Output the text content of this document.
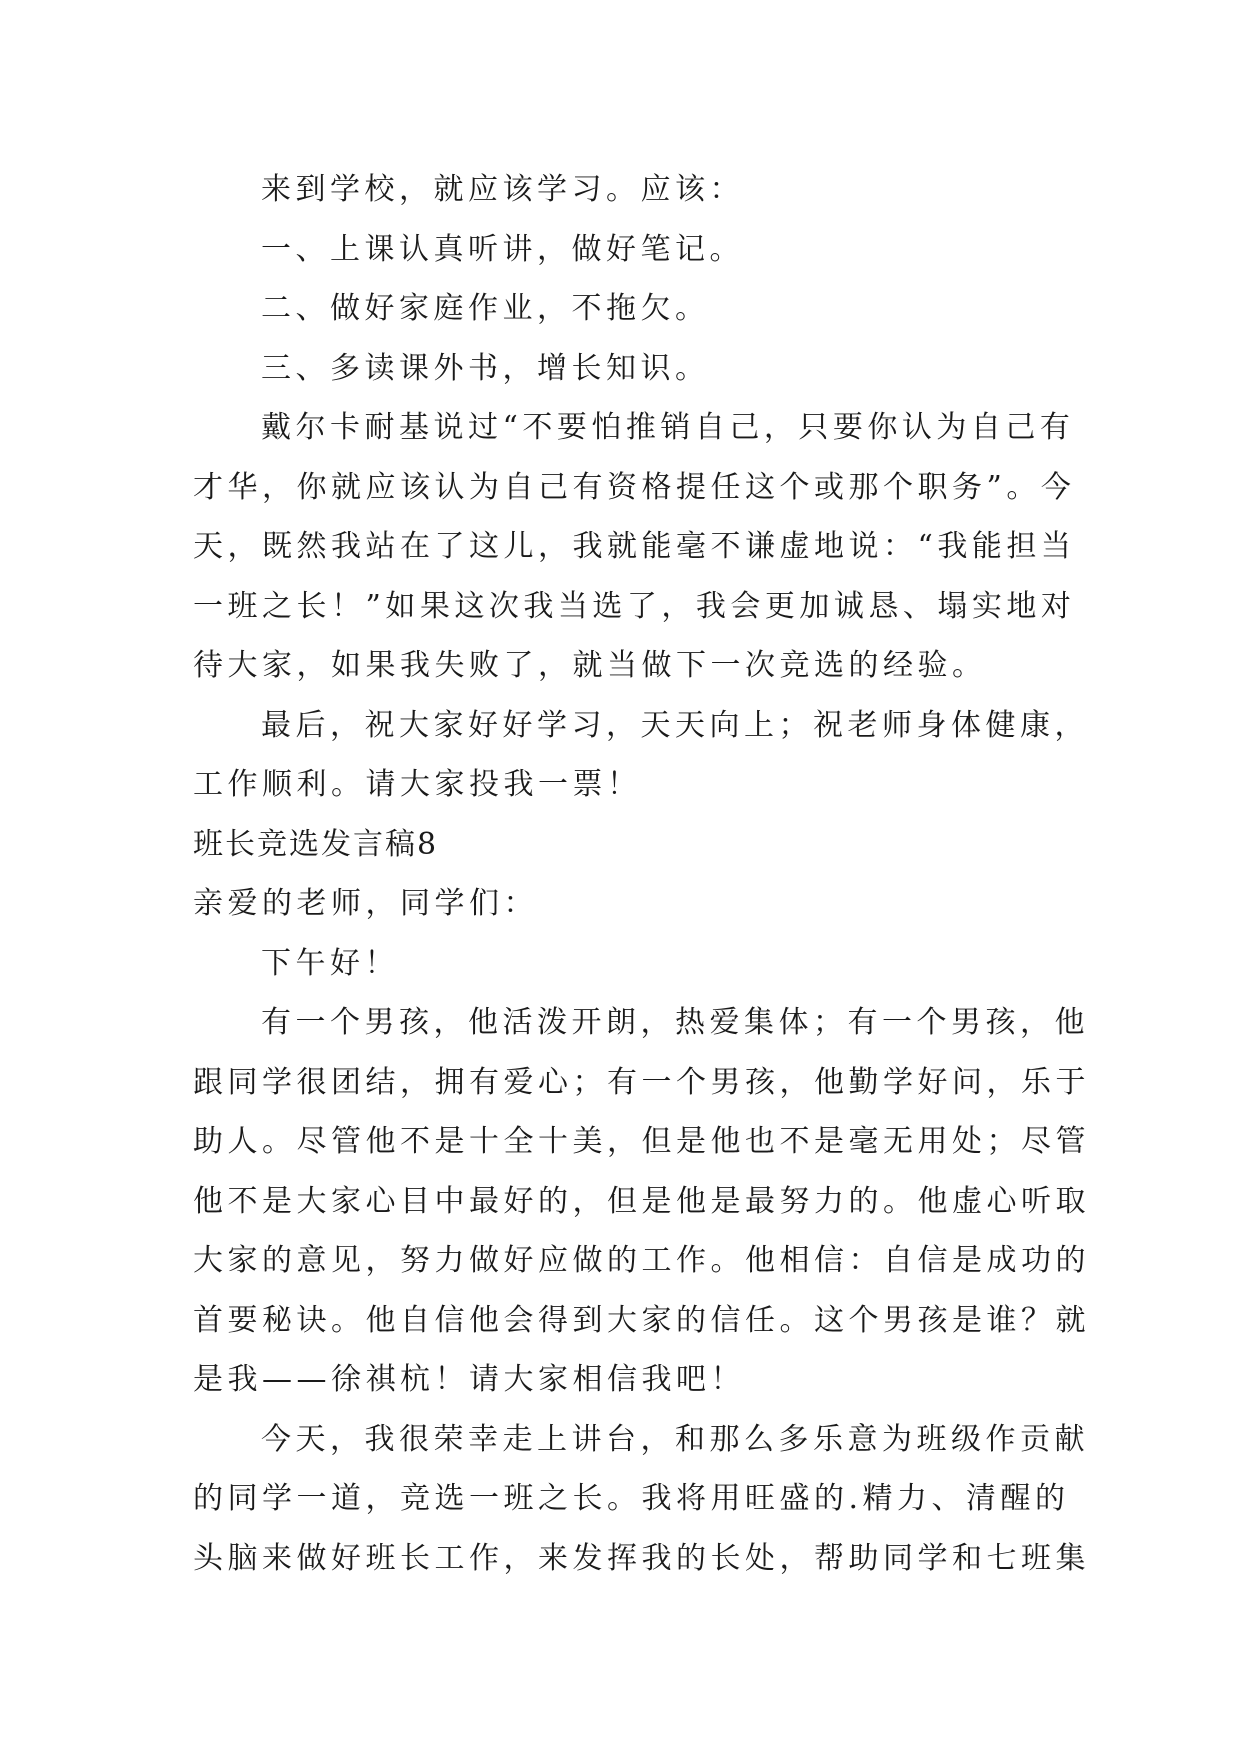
来到学校，就应该学习。应该：
一、上课认真听讲，做好笔记。
二、做好家庭作业，不拖欠。
三、多读课外书，增长知识。
戴尔卡耐基说过“不要怕推销自己，只要你认为自己有
才华，你就应该认为自己有资格提任这个或那个职务”。今
天，既然我站在了这儿，我就能毫不谦虚地说：“我能担当
一班之长！”如果这次我当选了，我会更加诚恳、塌实地对
待大家，如果我失败了，就当做下一次竞选的经验。
最后，祝大家好好学习，天天向上；祝老师身体健康，
工作顺利。请大家投我一票！
班长竞选发言稿8
亲爱的老师，同学们：
下午好！
有一个男孩，他活泼开朗，热爱集体；有一个男孩，他
跟同学很团结，拥有爱心；有一个男孩，他勤学好问，乐于
助人。尽管他不是十全十美，但是他也不是毫无用处；尽管
他不是大家心目中最好的，但是他是最努力的。他虚心听取
大家的意见，努力做好应做的工作。他相信：自信是成功的
首要秘诀。他自信他会得到大家的信任。这个男孩是谁？就
是我——徐祺杭！请大家相信我吧！
今天，我很荣幸走上讲台，和那么多乐意为班级作贡献
的同学一道，竞选一班之长。我将用旺盛的.精力、清醒的
头脑来做好班长工作，来发挥我的长处，帮助同学和七班集
